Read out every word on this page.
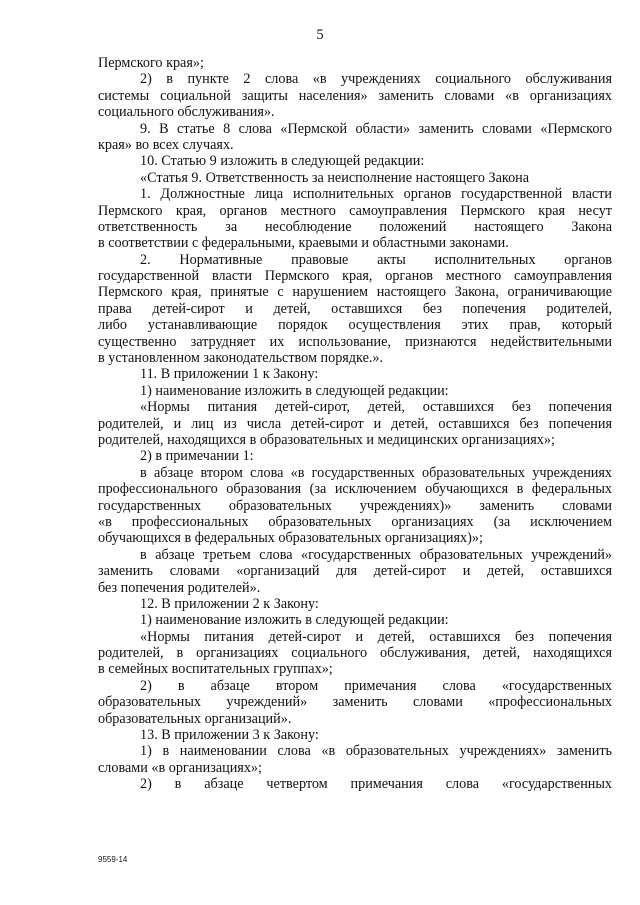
5
Пермского края»;
2) в пункте 2 слова «в учреждениях социального обслуживания
системы социальной защиты населения» заменить словами «в организациях
социального обслуживания».
9. В статье 8 слова «Пермской области» заменить словами «Пермского
края» во всех случаях.
10. Статью 9 изложить в следующей редакции:
«Статья 9. Ответственность за неисполнение настоящего Закона
1. Должностные лица исполнительных органов государственной власти
Пермского края, органов местного самоуправления Пермского края несут
ответственность за несоблюдение положений настоящего Закона
в соответствии с федеральными, краевыми и областными законами.
2. Нормативные правовые акты исполнительных органов
государственной власти Пермского края, органов местного самоуправления
Пермского края, принятые с нарушением настоящего Закона, ограничивающие
права детей-сирот и детей, оставшихся без попечения родителей,
либо устанавливающие порядок осуществления этих прав, который
существенно затрудняет их использование, признаются недействительными
в установленном законодательством порядке.».
11. В приложении 1 к Закону:
1) наименование изложить в следующей редакции:
«Нормы питания детей-сирот, детей, оставшихся без попечения
родителей, и лиц из числа детей-сирот и детей, оставшихся без попечения
родителей, находящихся в образовательных и медицинских организациях»;
2) в примечании 1:
в абзаце втором слова «в государственных образовательных учреждениях
профессионального образования (за исключением обучающихся в федеральных
государственных образовательных учреждениях)» заменить словами
«в профессиональных образовательных организациях (за исключением
обучающихся в федеральных образовательных организациях)»;
в абзаце третьем слова «государственных образовательных учреждений»
заменить словами «организаций для детей-сирот и детей, оставшихся
без попечения родителей».
12. В приложении 2 к Закону:
1) наименование изложить в следующей редакции:
«Нормы питания детей-сирот и детей, оставшихся без попечения
родителей, в организациях социального обслуживания, детей, находящихся
в семейных воспитательных группах»;
2) в абзаце втором примечания слова «государственных
образовательных учреждений» заменить словами «профессиональных
образовательных организаций».
13. В приложении 3 к Закону:
1) в наименовании слова «в образовательных учреждениях» заменить
словами «в организациях»;
2) в абзаце четвертом примечания слова «государственных
9559-14
